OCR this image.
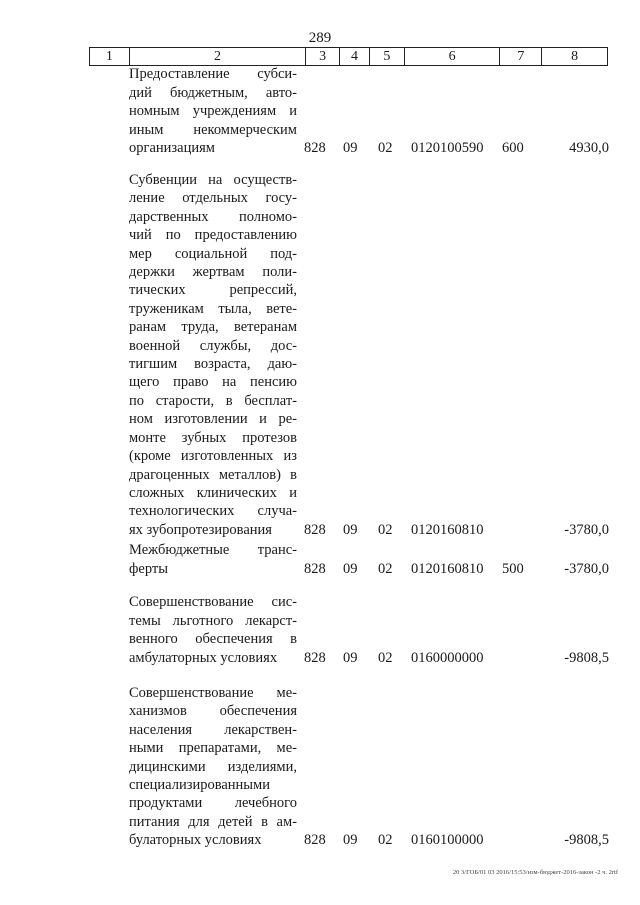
289
1	2	3	4	5	6	7	8
Предоставление субси-
дий бюджетным, авто-
номным учреждениям и
иным некоммерческим
организациям	828 09 02 0120100590 600	4930,0
Субвенции на осуществ-
ление отдельных госу-
дарственных полномо-
чий по предоставлению
мер социальной под-
держки жертвам поли-
тических репрессий,
труженикам тыла, вете-
ранам труда, ветеранам
военной службы, дос-
тигшим возраста, даю-
щего право на пенсию
по старости, в бесплат-
ном изготовлении и ре-
монте зубных протезов
(кроме изготовленных из
драгоценных металлов) в
сложных клинических и
технологических случа-
ях зубопротезирования	828 09 02 0120160810	-3780,0
Межбюджетные транс-
ферты	828 09 02 0120160810 500	-3780,0
Совершенствование сис-
темы льготного лекарст-
венного обеспечения в
амбулаторных условиях	828 09 02 0160000000	-9808,5
Совершенствование ме-
ханизмов обеспечения
населения лекарствен-
ными препаратами, ме-
дицинскими изделиями,
специализированными
продуктами лечебного
питания для детей в ам-
булаторных условиях	828 09 02 0160100000	-9808,5
20 3/ГОБ/01 03 2016/15:53/изм-бюджет-2016-закон -2 ч. 2rtf
